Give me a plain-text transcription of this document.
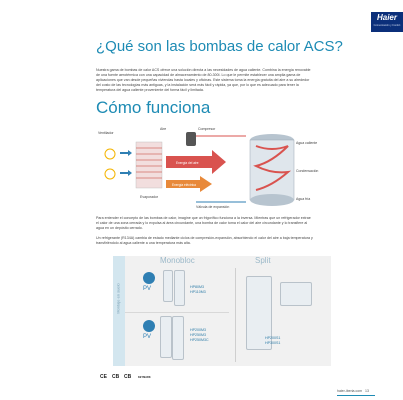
Haier
Comunicación y Confort
¿Qué son las bombas de calor ACS?
Nuestra gama de bombas de calor ACS ofrece una solución directa a las necesidades de agua caliente. Combina la energía renovable de una fuente aerotérmica con una capacidad de almacenamiento de 80-300l. Lo que le permite establecer una amplia gama de aplicaciones que van desde pequeñas viviendas hasta locales y oficinas. Este sistema toma la energía gratuita del aire a su alrededor del costo de las tecnologías más antiguas, y la instalación será más fácil y rápida, ya que, por lo que es adecuado para tener la temperatura del agua caliente proveniente del forma fácil y limitada.
Cómo funciona
Ventilador
Aire	Compresor
Agua caliente
Condensación
Evaporador
Energía del aire
Energía eléctrica
Válvula de expansión
Agua fría
Para entender el concepto de las bombas de calor, imagine que un frigorífico funciona a la inversa. Mientras que un refrigerador extrae el calor de una zona cerrada y lo expulsa al área circundante, una bomba de calor toma el calor del aire circundante y lo transfiere al agua en un depósito cerrado.
Un refrigerante (R134A) cambia de estado mediante ciclos de compresión-expansión, absorbiendo el calor del aire a baja temperatura y transfiriéndolo al agua caliente a una temperatura más alta.
Montaje en suelo
Monobloc	Split
PV	HP80M3
HP110M3
PV
HP200M3
HP250M3
HP250M3C	HP200S1
HP300S1
CE CB CB	KEYMARK
haier-iberia.com 13
